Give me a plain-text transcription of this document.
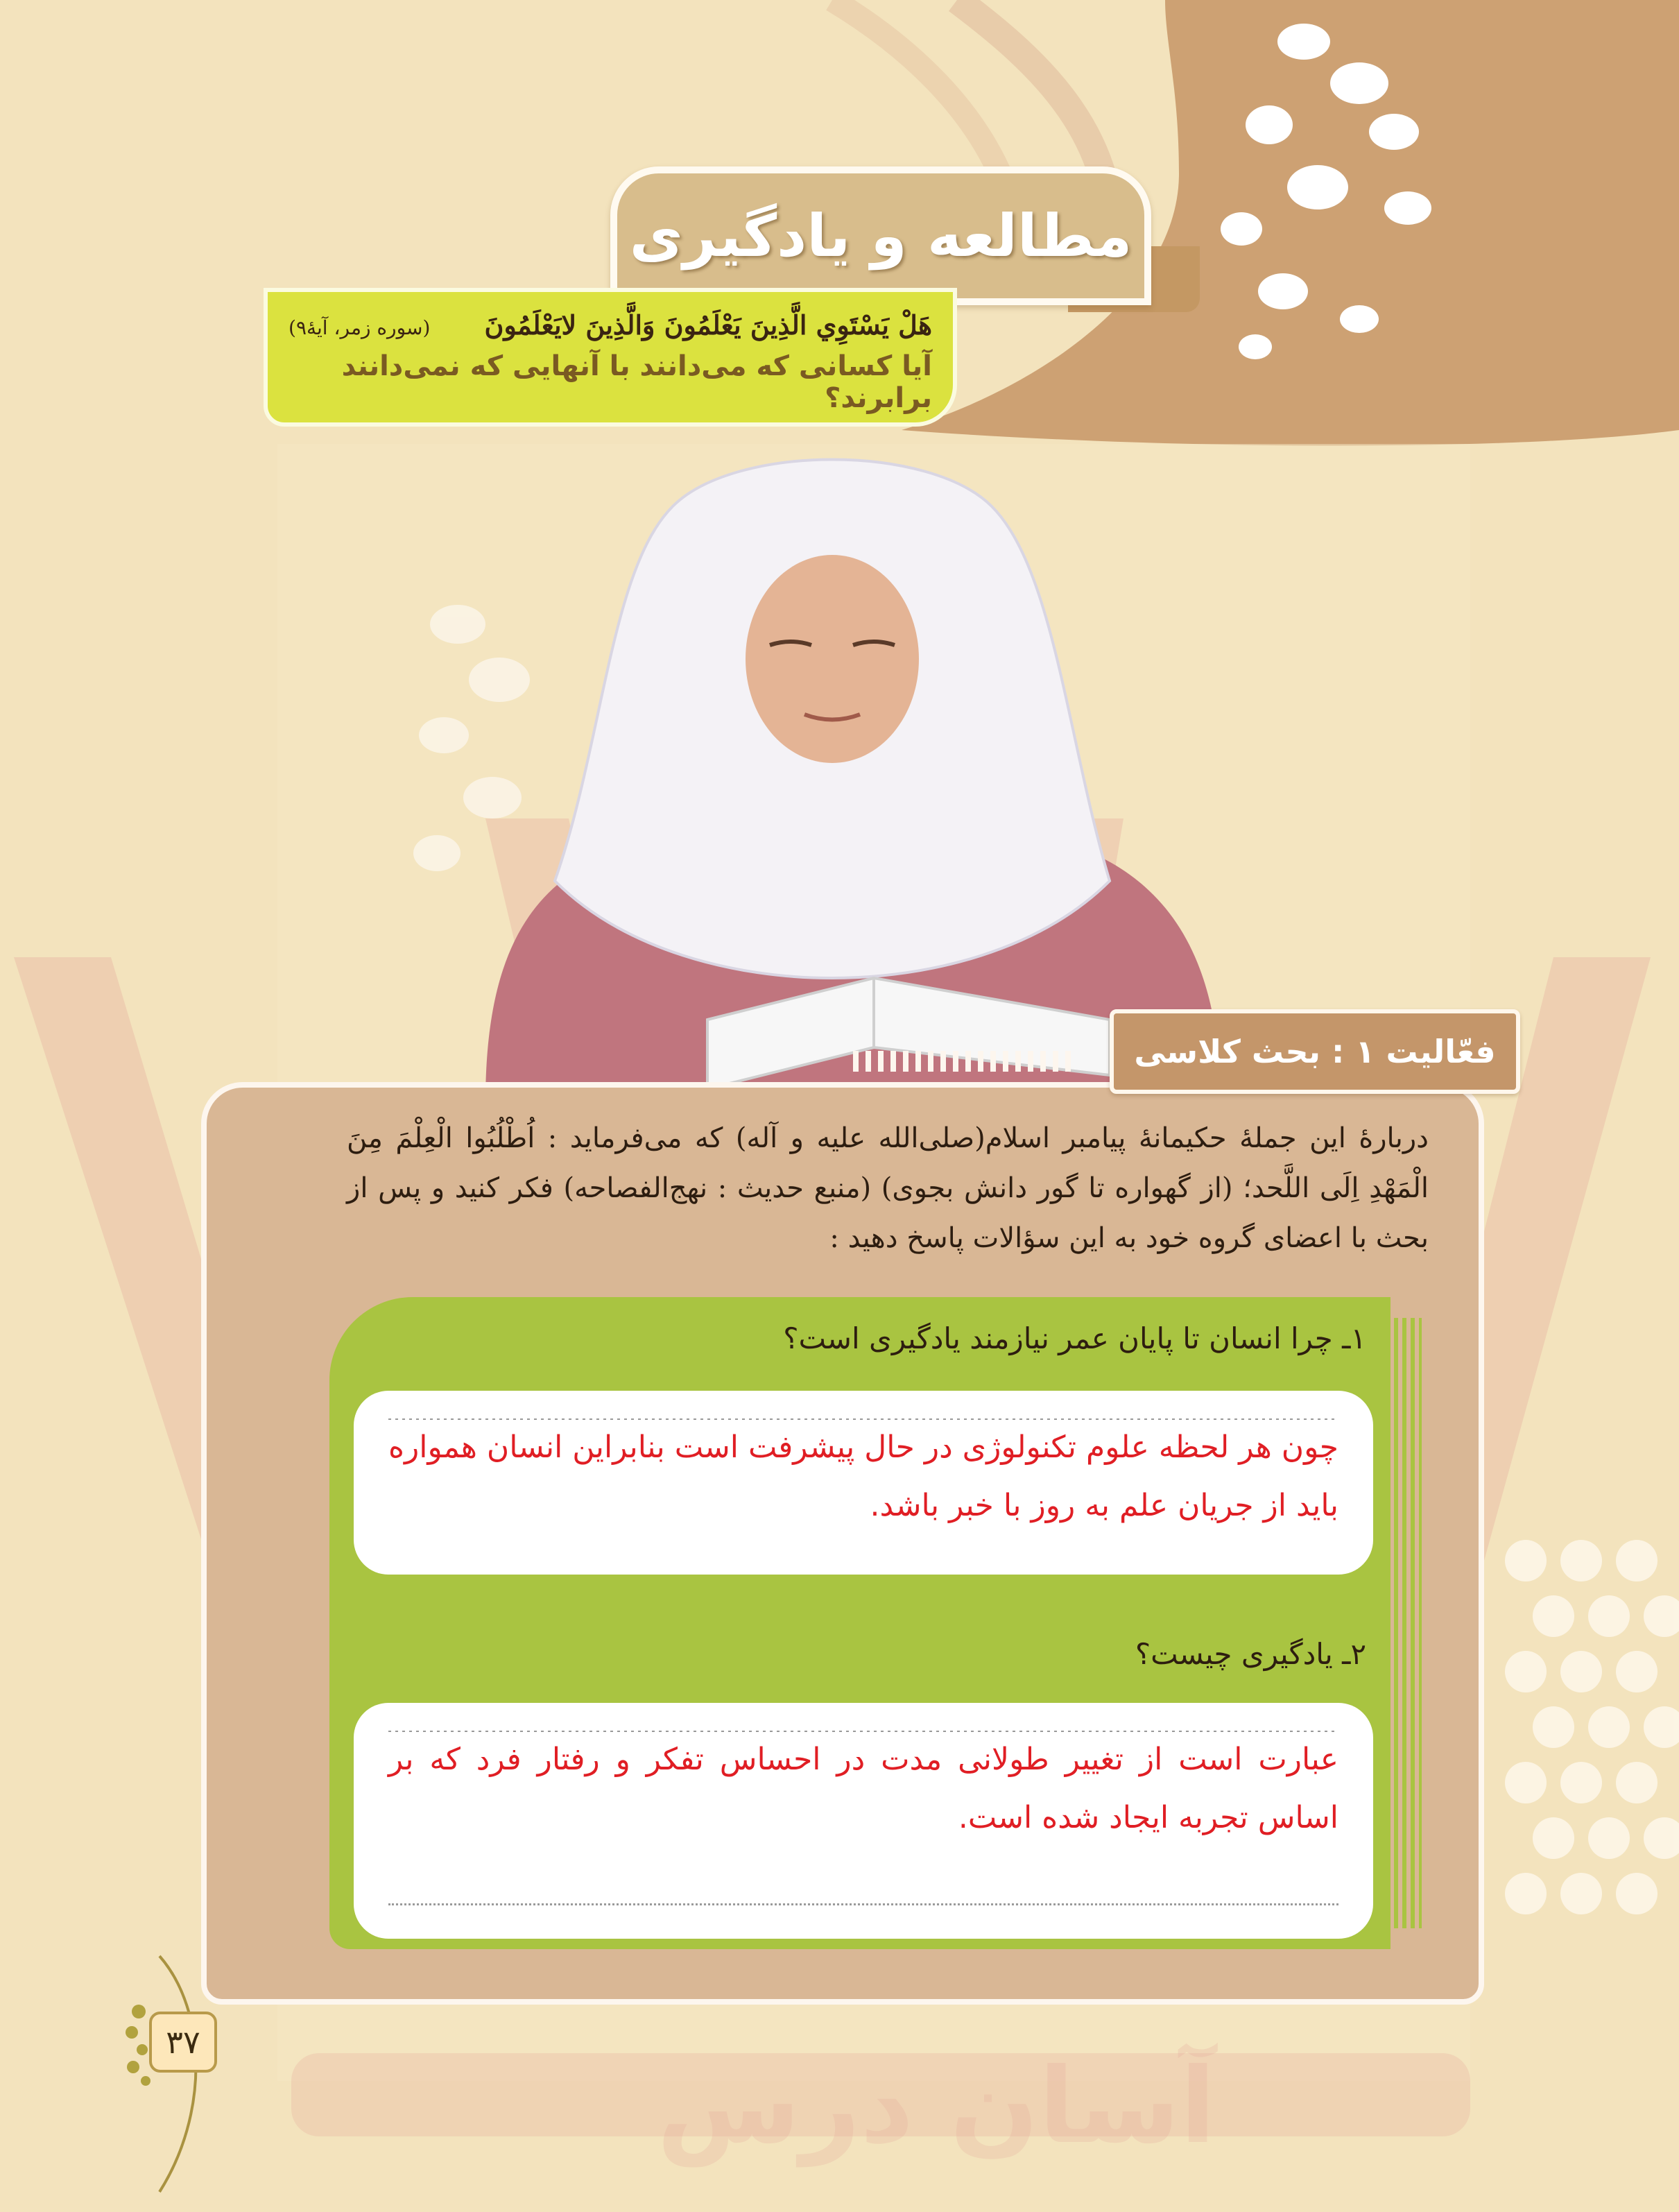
مطالعه و یادگیری
هَلْ يَسْتَوِي الَّذِينَ يَعْلَمُونَ وَالَّذِينَ لايَعْلَمُونَ
(سوره زمر، آیهٔ۹)
آیا کسانی که می‌دانند با آنهایی که نمی‌دانند برابرند؟
فعّالیت ۱ : بحث کلاسی
دربارهٔ این جملهٔ حکیمانهٔ پیامبر اسلام(صلی‌الله علیه و آله) که می‌فرماید : اُطْلُبُوا الْعِلْمَ مِنَ الْمَهْدِ اِلَی اللَّحد؛ (از گهواره تا گور دانش بجوی) (منبع حدیث : نهج‌الفصاحه) فکر کنید و پس از بحث با اعضای گروه خود به این سؤالات پاسخ دهید :
۱ـ چرا انسان تا پایان عمر نیازمند یادگیری است؟
چون هر لحظه علوم تکنولوژی در حال پیشرفت است بنابراین انسان همواره باید از جریان علم به روز با خبر باشد.
۲ـ یادگیری چیست؟
عبارت است از تغییر طولانی مدت در احساس تفکر و رفتار فرد که بر اساس تجربه ایجاد شده است.
۳۷
آسان درس
